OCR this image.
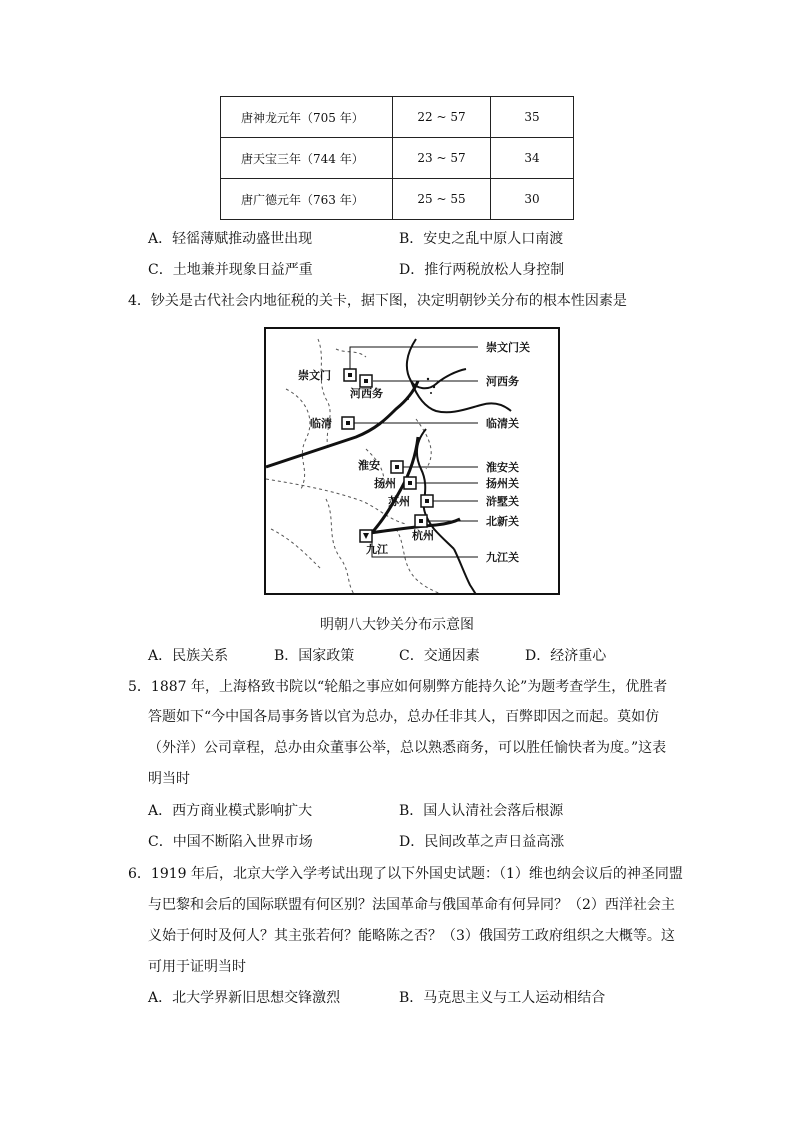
唐神龙元年（705 年）	22 ~ 57	35
唐天宝三年（744 年）	23 ~ 57	34
唐广德元年（763 年）	25 ~ 55	30
A．轻徭薄赋推动盛世出现	B．安史之乱中原人口南渡
C．土地兼并现象日益严重	D．推行两税放松人身控制
4．钞关是古代社会内地征税的关卡，据下图，决定明朝钞关分布的根本性因素是
崇文门
河西务
临清
淮安
扬州
苏州
杭州
九江
崇文门关
河西务
临清关
淮安关
扬州关
浒墅关
北新关
九江关
明朝八大钞关分布示意图
A．民族关系	B．国家政策	C．交通因素	D．经济重心
5．1887 年，上海格致书院以“轮船之事应如何剔弊方能持久论”为题考查学生，优胜者
答题如下“今中国各局事务皆以官为总办，总办任非其人，百弊即因之而起。莫如仿
（外洋）公司章程，总办由众董事公举，总以熟悉商务，可以胜任愉快者为度。”这表
明当时
A．西方商业模式影响扩大	B．国人认清社会落后根源
C．中国不断陷入世界市场	D．民间改革之声日益高涨
6．1919 年后，北京大学入学考试出现了以下外国史试题：（1）维也纳会议后的神圣同盟
与巴黎和会后的国际联盟有何区别？法国革命与俄国革命有何异同？（2）西洋社会主
义始于何时及何人？其主张若何？能略陈之否？（3）俄国劳工政府组织之大概等。这
可用于证明当时
A．北大学界新旧思想交锋激烈	B．马克思主义与工人运动相结合
